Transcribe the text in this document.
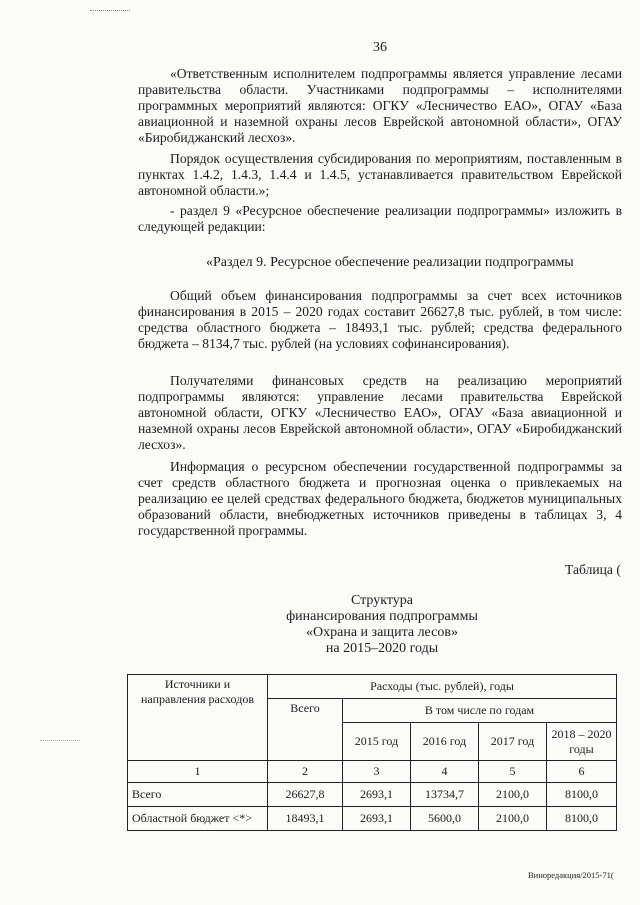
36

«Ответственным исполнителем подпрограммы является управление лесами правительства области. Участниками подпрограммы – исполнителями программных мероприятий являются: ОГКУ «Лесничество ЕАО», ОГАУ «База авиационной и наземной охраны лесов Еврейской автономной области», ОГАУ «Биробиджанский лесхоз».

Порядок осуществления субсидирования по мероприятиям, поставленным в пунктах 1.4.2, 1.4.3, 1.4.4 и 1.4.5, устанавливается правительством Еврейской автономной области.»;

- раздел 9 «Ресурсное обеспечение реализации подпрограммы» изложить в следующей редакции:

«Раздел 9. Ресурсное обеспечение реализации подпрограммы

Общий объем финансирования подпрограммы за счет всех источников финансирования в 2015 – 2020 годах составит 26627,8 тыс. рублей, в том числе: средства областного бюджета – 18493,1 тыс. рублей; средства федерального бюджета – 8134,7 тыс. рублей (на условиях софинансирования).

Получателями финансовых средств на реализацию мероприятий подпрограммы являются: управление лесами правительства Еврейской автономной области, ОГКУ «Лесничество ЕАО», ОГАУ «База авиационной и наземной охраны лесов Еврейской автономной области», ОГАУ «Биробиджанский лесхоз».

Информация о ресурсном обеспечении государственной подпрограммы за счет средств областного бюджета и прогнозная оценка о привлекаемых на реализацию ее целей средствах федерального бюджета, бюджетов муниципальных образований области, внебюджетных источников приведены в таблицах 3, 4 государственной программы.

Таблица (
Структура
финансирования подпрограммы
«Охрана и защита лесов»
на 2015–2020 годы
Источники и направления расходов	Расходы (тыс. рублей), годы				
	Всего	В том числе по годам			
		2015 год	2016 год	2017 год	2018 – 2020 годы
1	2	3	4	5	6
Всего	26627,8	2693,1	13734,7	2100,0	8100,0
Областной бюджет <*>	18493,1	2693,1	5600,0	2100,0	8100,0
Виноредакция/2015-71(
